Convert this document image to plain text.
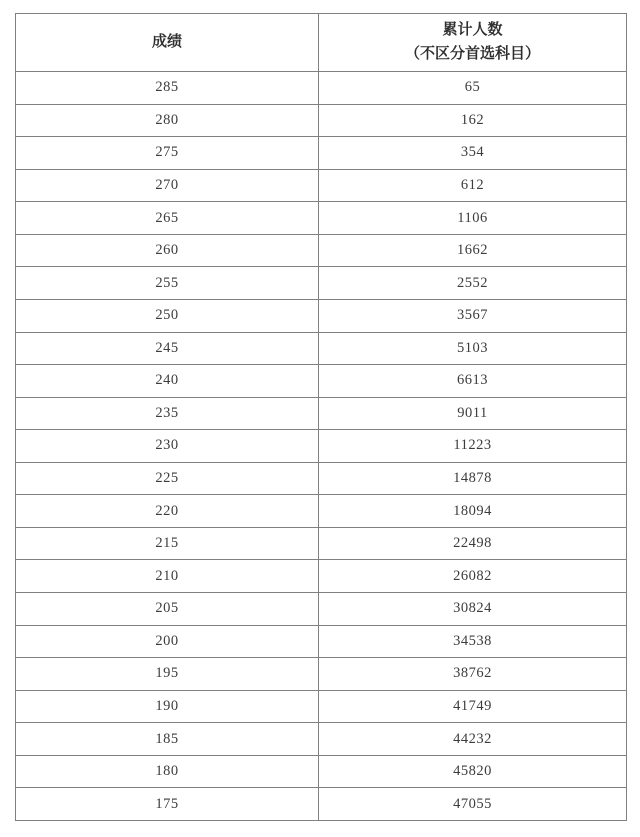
成绩	累计人数
（不区分首选科目）

285	65
280	162
275	354
270	612
265	1106
260	1662
255	2552
250	3567
245	5103
240	6613
235	9011
230	11223
225	14878
220	18094
215	22498
210	26082
205	30824
200	34538
195	38762
190	41749
185	44232
180	45820
175	47055
